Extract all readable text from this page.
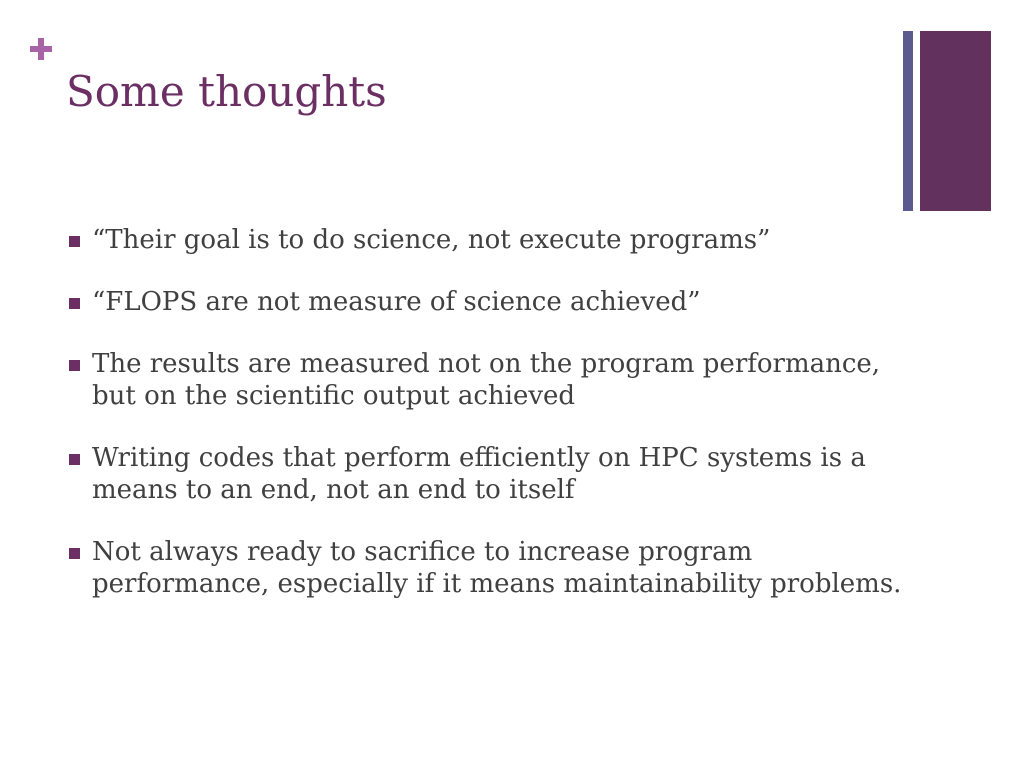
Some thoughts
“Their goal is to do science, not execute programs”
“FLOPS are not measure of science achieved”
The results are measured not on the program performance, but on the scientific output achieved
Writing codes that perform efficiently on HPC systems is a means to an end, not an end to itself
Not always ready to sacrifice to increase program performance, especially if it means maintainability problems.
